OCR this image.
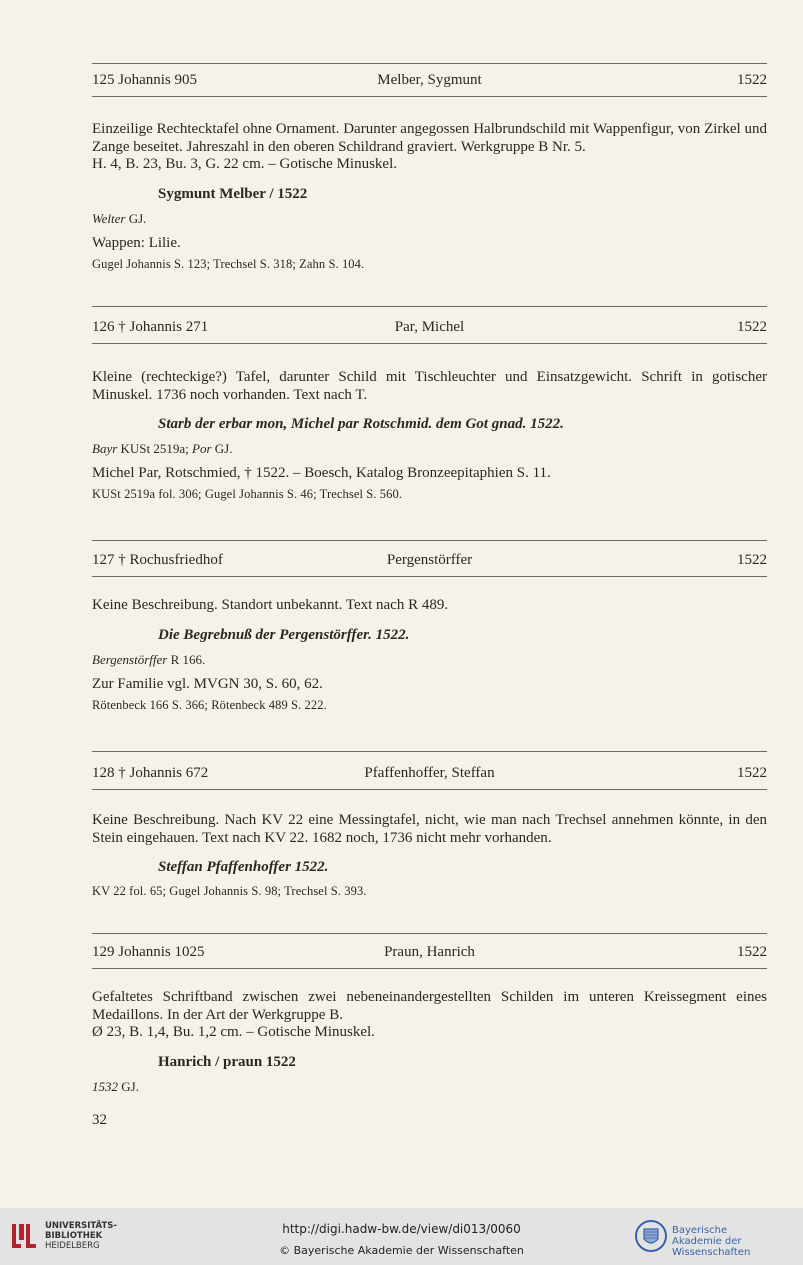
125 Johannis 905	Melber, Sygmunt	1522

Einzeilige Rechtecktafel ohne Ornament. Darunter angegossen Halbrundschild mit Wappenfigur, von Zirkel und Zange beseitet. Jahreszahl in den oberen Schildrand graviert. Werkgruppe B Nr. 5.

H. 4, B. 23, Bu. 3, G. 22 cm. – Gotische Minuskel.

Sygmunt Melber / 1522
Welter GJ.
Wappen: Lilie.
Gugel Johannis S. 123; Trechsel S. 318; Zahn S. 104.
126 † Johannis 271	Par, Michel	1522

Kleine (rechteckige?) Tafel, darunter Schild mit Tischleuchter und Einsatzgewicht. Schrift in gotischer Minuskel. 1736 noch vorhanden. Text nach T.

Starb der erbar mon, Michel par Rotschmid. dem Got gnad. 1522.
Bayr KUSt 2519a; Por GJ.
Michel Par, Rotschmied, † 1522. – Boesch, Katalog Bronzeepitaphien S. 11.
KUSt 2519a fol. 306; Gugel Johannis S. 46; Trechsel S. 560.
127 † Rochusfriedhof	Pergenstörffer	1522

Keine Beschreibung. Standort unbekannt. Text nach R 489.

Die Begrebnuß der Pergenstörffer. 1522.
Bergenstörffer R 166.
Zur Familie vgl. MVGN 30, S. 60, 62.
Rötenbeck 166 S. 366; Rötenbeck 489 S. 222.
128 † Johannis 672	Pfaffenhoffer, Steffan	1522

Keine Beschreibung. Nach KV 22 eine Messingtafel, nicht, wie man nach Trechsel annehmen könnte, in den Stein eingehauen. Text nach KV 22. 1682 noch, 1736 nicht mehr vorhanden.

Steffan Pfaffenhoffer 1522.
KV 22 fol. 65; Gugel Johannis S. 98; Trechsel S. 393.
129 Johannis 1025	Praun, Hanrich	1522

Gefaltetes Schriftband zwischen zwei nebeneinandergestellten Schilden im unteren Kreissegment eines Medaillons. In der Art der Werkgruppe B.

Ø 23, B. 1,4, Bu. 1,2 cm. – Gotische Minuskel.

Hanrich / praun 1522
1532 GJ.
32
UNIVERSITÄTS-
BIBLIOTHEK
HEIDELBERG
http://digi.hadw-bw.de/view/di013/0060
© Bayerische Akademie der Wissenschaften
Bayerische
Akademie der Wissenschaften
